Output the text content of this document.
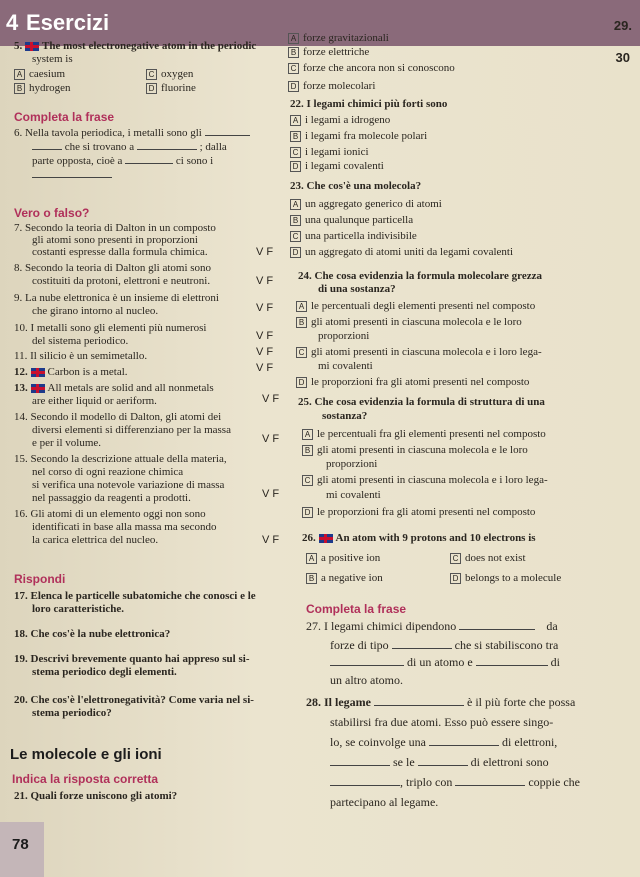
4 Esercizi	29.
30
5. The most electronegative atom in the periodic
system is
A caesium
B hydrogen
C oxygen
D fluorine
Completa la frase
6. Nella tavola periodica, i metalli sono gli
che si trovano a	; dalla
parte opposta, cioè a	ci sono i
Vero o falso?
7. Secondo la teoria di Dalton in un composto
gli atomi sono presenti in proporzioni
costanti espresse dalla formula chimica.	V F
8. Secondo la teoria di Dalton gli atomi sono
costituiti da protoni, elettroni e neutroni.	V F
9. La nube elettronica è un insieme di elettroni
che girano intorno al nucleo.	V F
10. I metalli sono gli elementi più numerosi
del sistema periodico.	V F
11. Il silicio è un semimetallo.	V F
12. Carbon is a metal.	V F
13. All metals are solid and all nonmetals
are either liquid or aeriform.	V F
14. Secondo il modello di Dalton, gli atomi dei
diversi elementi si differenziano per la massa
e per il volume.	V F
15. Secondo la descrizione attuale della materia,
nel corso di ogni reazione chimica
si verifica una notevole variazione di massa
nel passaggio da reagenti a prodotti.	V F
16. Gli atomi di un elemento oggi non sono
identificati in base alla massa ma secondo
la carica elettrica del nucleo.	V F
Rispondi
17. Elenca le particelle subatomiche che conosci e le
loro caratteristiche.
18. Che cos'è la nube elettronica?
19. Descrivi brevemente quanto hai appreso sul si-
stema periodico degli elementi.
20. Che cos'è l'elettronegatività? Come varia nel si-
stema periodico?
Le molecole e gli ioni
Indica la risposta corretta
21. Quali forze uniscono gli atomi?
78
A forze gravitazionali
B forze elettriche
C forze che ancora non si conoscono
D forze molecolari
22. I legami chimici più forti sono
A i legami a idrogeno
B i legami fra molecole polari
C i legami ionici
D i legami covalenti
23. Che cos'è una molecola?
A un aggregato generico di atomi
B una qualunque particella
C una particella indivisibile
D un aggregato di atomi uniti da legami covalenti
24. Che cosa evidenzia la formula molecolare grezza
di una sostanza?
A le percentuali degli elementi presenti nel composto
B gli atomi presenti in ciascuna molecola e le loro
proporzioni
C gli atomi presenti in ciascuna molecola e i loro lega-
mi covalenti
D le proporzioni fra gli atomi presenti nel composto
25. Che cosa evidenzia la formula di struttura di una
sostanza?
A le percentuali fra gli elementi presenti nel composto
B gli atomi presenti in ciascuna molecola e le loro
proporzioni
C gli atomi presenti in ciascuna molecola e i loro lega-
mi covalenti
D le proporzioni fra gli atomi presenti nel composto
26. An atom with 9 protons and 10 electrons is
A a positive ion
B a negative ion
C does not exist
D belongs to a molecule
Completa la frase
27. I legami chimici dipendono	da
forze di tipo	che si stabiliscono tra
di un atomo e	di
un altro atomo.
28. Il legame	è il più forte che possa
stabilirsi fra due atomi. Esso può essere singo-
lo, se coinvolge una	di elettroni,
se le	di elettroni sono
, triplo con	coppie che
partecipano al legame.
